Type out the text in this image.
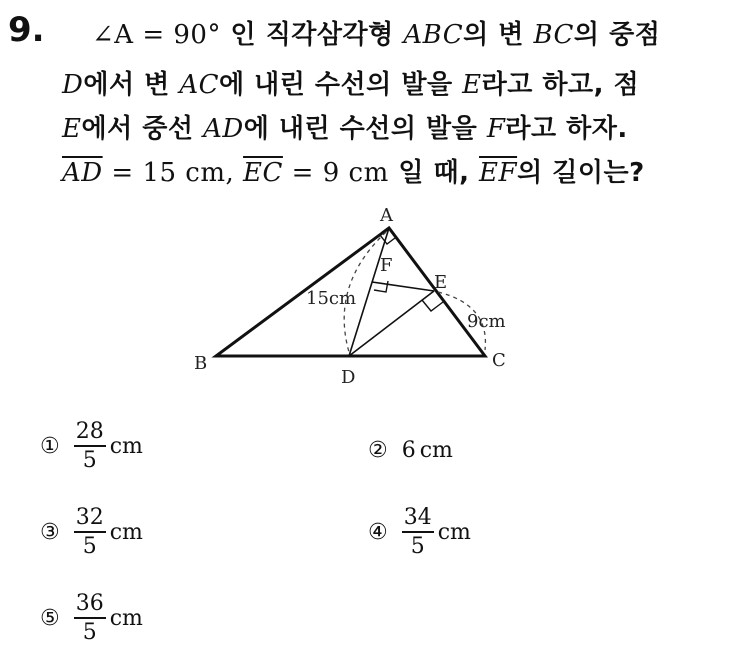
9. ∠A = 90° 인 직각삼각형 ABC의 변 BC의 중점
D에서 변 AC에 내린 수선의 발을 E라고 하고, 점
E에서 중선 AD에 내린 수선의 발을 F라고 하자.
$\overline{AD} = 15$ cm, $\overline{EC} = 9$ cm 일 때, $\overline{EF}$의 길이는?
A
B	C
D
E
F
15cm
9cm
① $\frac{28}{5}$ cm	② 6 cm
③ $\frac{32}{5}$ cm	④ $\frac{34}{5}$ cm
⑤ $\frac{36}{5}$ cm
